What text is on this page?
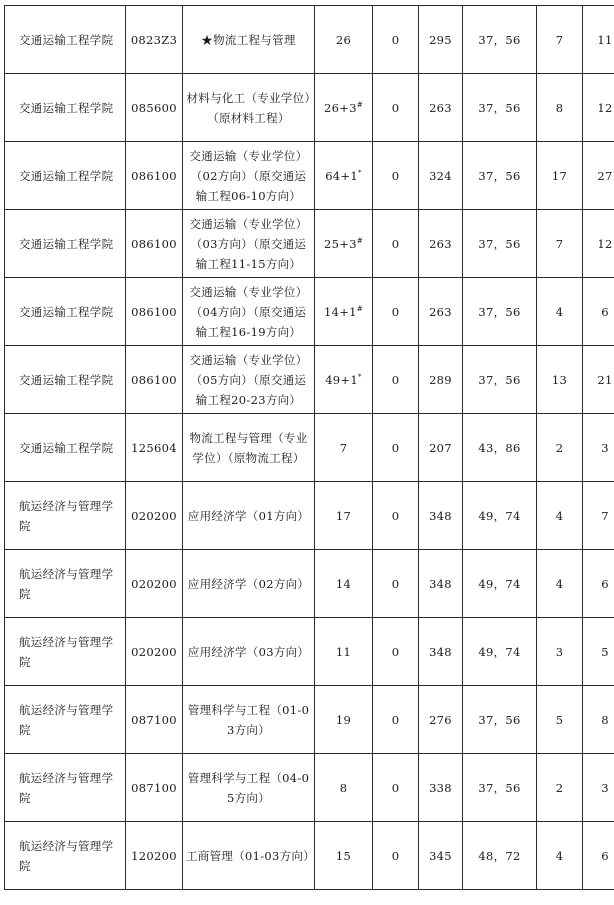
交通运输工程学院	0823Z3	★物流工程与管理	26	0	295	37，56	7	11
交通运输工程学院	085600	材料与化工（专业学位）（原材料工程）	26+3#	0	263	37，56	8	12
交通运输工程学院	086100	交通运输（专业学位）（02方向）（原交通运输工程06-10方向）	64+1*	0	324	37，56	17	27
交通运输工程学院	086100	交通运输（专业学位）（03方向）（原交通运输工程11-15方向）	25+3#	0	263	37，56	7	12
交通运输工程学院	086100	交通运输（专业学位）（04方向）（原交通运输工程16-19方向）	14+1#	0	263	37，56	4	6
交通运输工程学院	086100	交通运输（专业学位）（05方向）（原交通运输工程20-23方向）	49+1*	0	289	37，56	13	21
交通运输工程学院	125604	物流工程与管理（专业学位）（原物流工程）	7	0	207	43，86	2	3
航运经济与管理学院	020200	应用经济学（01方向）	17	0	348	49，74	4	7
航运经济与管理学院	020200	应用经济学（02方向）	14	0	348	49，74	4	6
航运经济与管理学院	020200	应用经济学（03方向）	11	0	348	49，74	3	5
航运经济与管理学院	087100	管理科学与工程（01-03方向）	19	0	276	37，56	5	8
航运经济与管理学院	087100	管理科学与工程（04-05方向）	8	0	338	37，56	2	3
航运经济与管理学院	120200	工商管理（01-03方向）	15	0	345	48，72	4	6
